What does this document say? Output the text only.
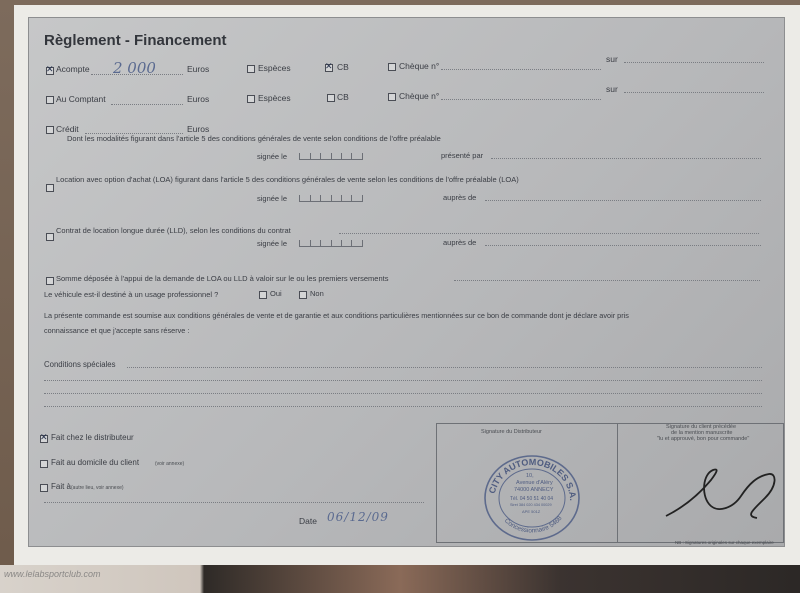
Règlement - Financement
✕
Acompte 2 000	Euros	Espèces
✕	CB	Chèque n°
sur
Au Comptant	Euros	Espèces	CB	Chèque n°
sur
Crédit	Euros
Dont les modalités figurant dans l'article 5 des conditions générales de vente selon conditions de l'offre préalable
signée le	présenté par
Location avec option d'achat (LOA) figurant dans l'article 5 des conditions générales de vente selon les conditions de l'offre préalable (LOA)
signée le	auprès de
Contrat de location longue durée (LLD), selon les conditions du contrat
signée le	auprès de
Somme déposée à l'appui de la demande de LOA ou LLD à valoir sur le ou les premiers versements
Le véhicule est-il destiné à un usage professionnel ?	Oui	Non
La présente commande est soumise aux conditions générales de vente et de garantie et aux conditions particulières mentionnées sur ce bon de commande dont je déclare avoir pris
connaissance et que j'accepte sans réserve :
Conditions spéciales
✕
Fait chez le distributeur
Fait au domicile du client	(voir annexe)
Fait à (autre lieu, voir annexe)
Date 06/12/09
Signature du Distributeur
Signature du client précédée
de la mention manuscrite
"lu et approuvé, bon pour commande"
NB : Signatures originales sur chaque exemplaire
CITY AUTOMOBILES S.A.
Concessionnaire 5468
10,
Avenue d'Aléry
74000 ANNECY
Tél. 04 50 51 40 04
Siret 384 020 434 00029
APE 501Z
www.lelabsportclub.com
